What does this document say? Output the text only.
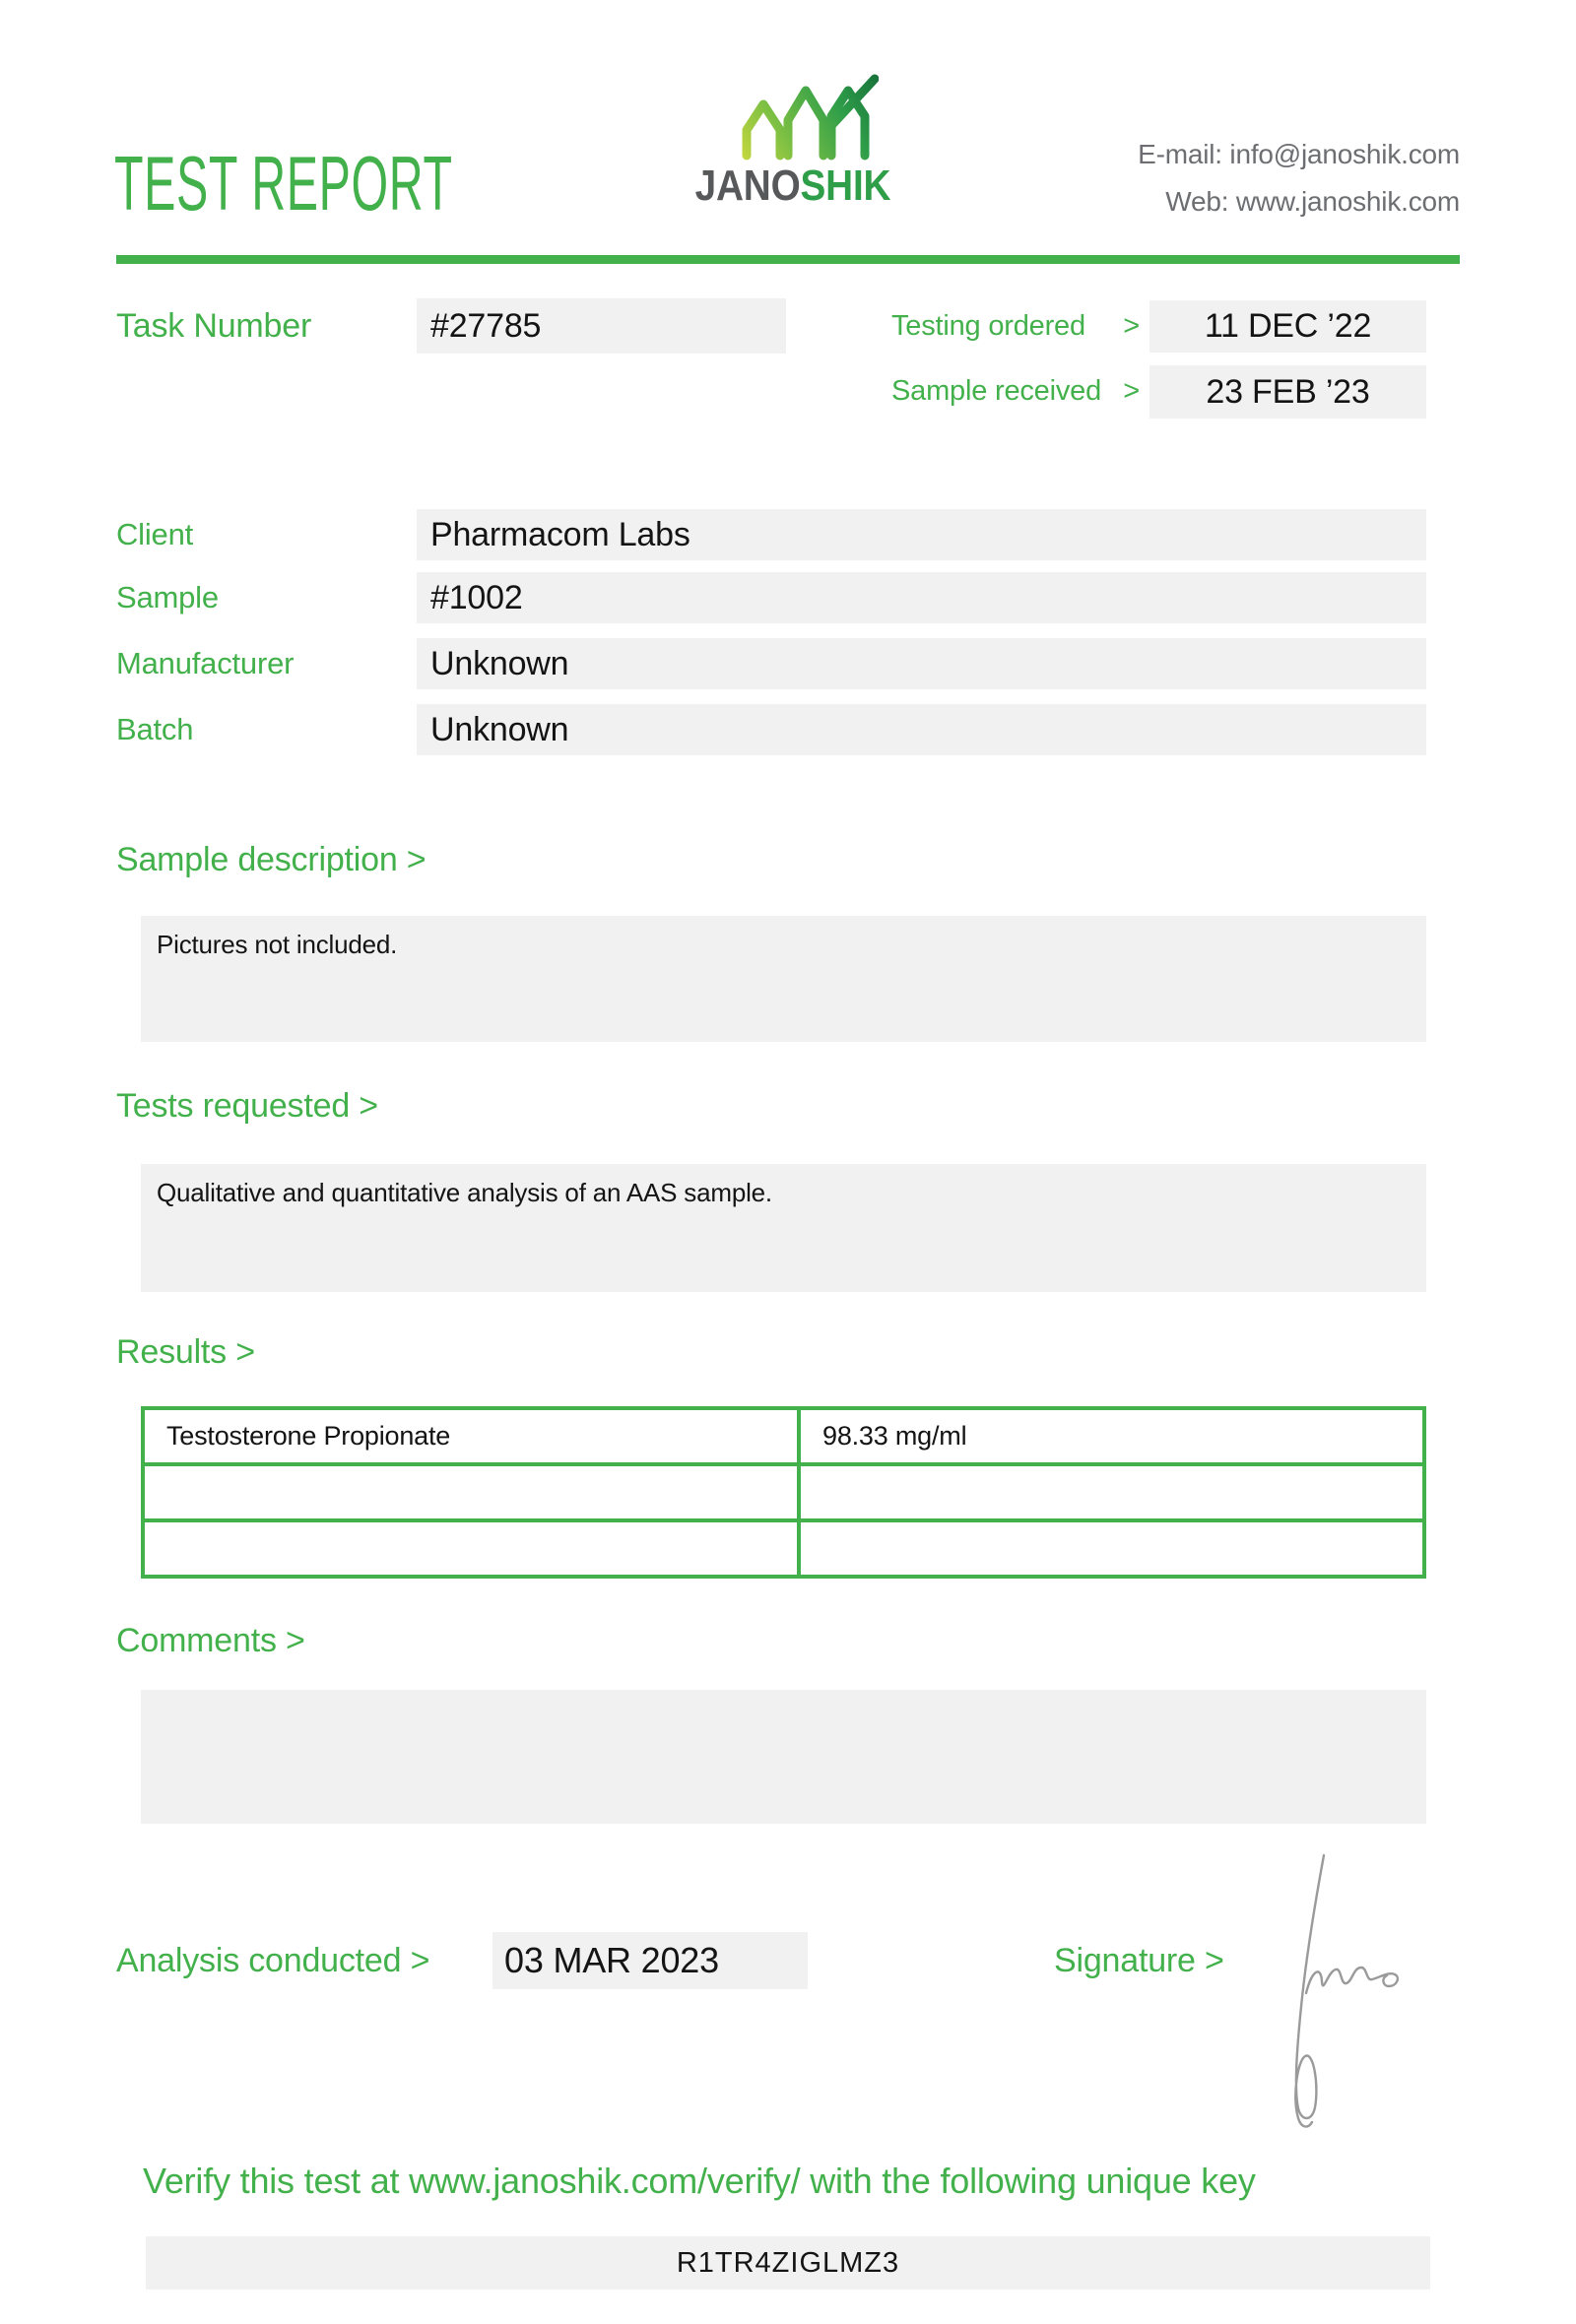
TEST REPORT	JANOSHIK
E-mail: info@janoshik.com
Web: www.janoshik.com
Task Number	#27785	Testing ordered >	11 DEC ’22
Sample received >	23 FEB ’23
Client	Pharmacom Labs
Sample	#1002
Manufacturer	Unknown
Batch	Unknown
Sample description >
Pictures not included.
Tests requested >
Qualitative and quantitative analysis of an AAS sample.
Results >
Testosterone Propionate	98.33 mg/ml

Comments >
Analysis conducted >	03 MAR 2023	Signature >
Verify this test at www.janoshik.com/verify/ with the following unique key
R1TR4ZIGLMZ3
